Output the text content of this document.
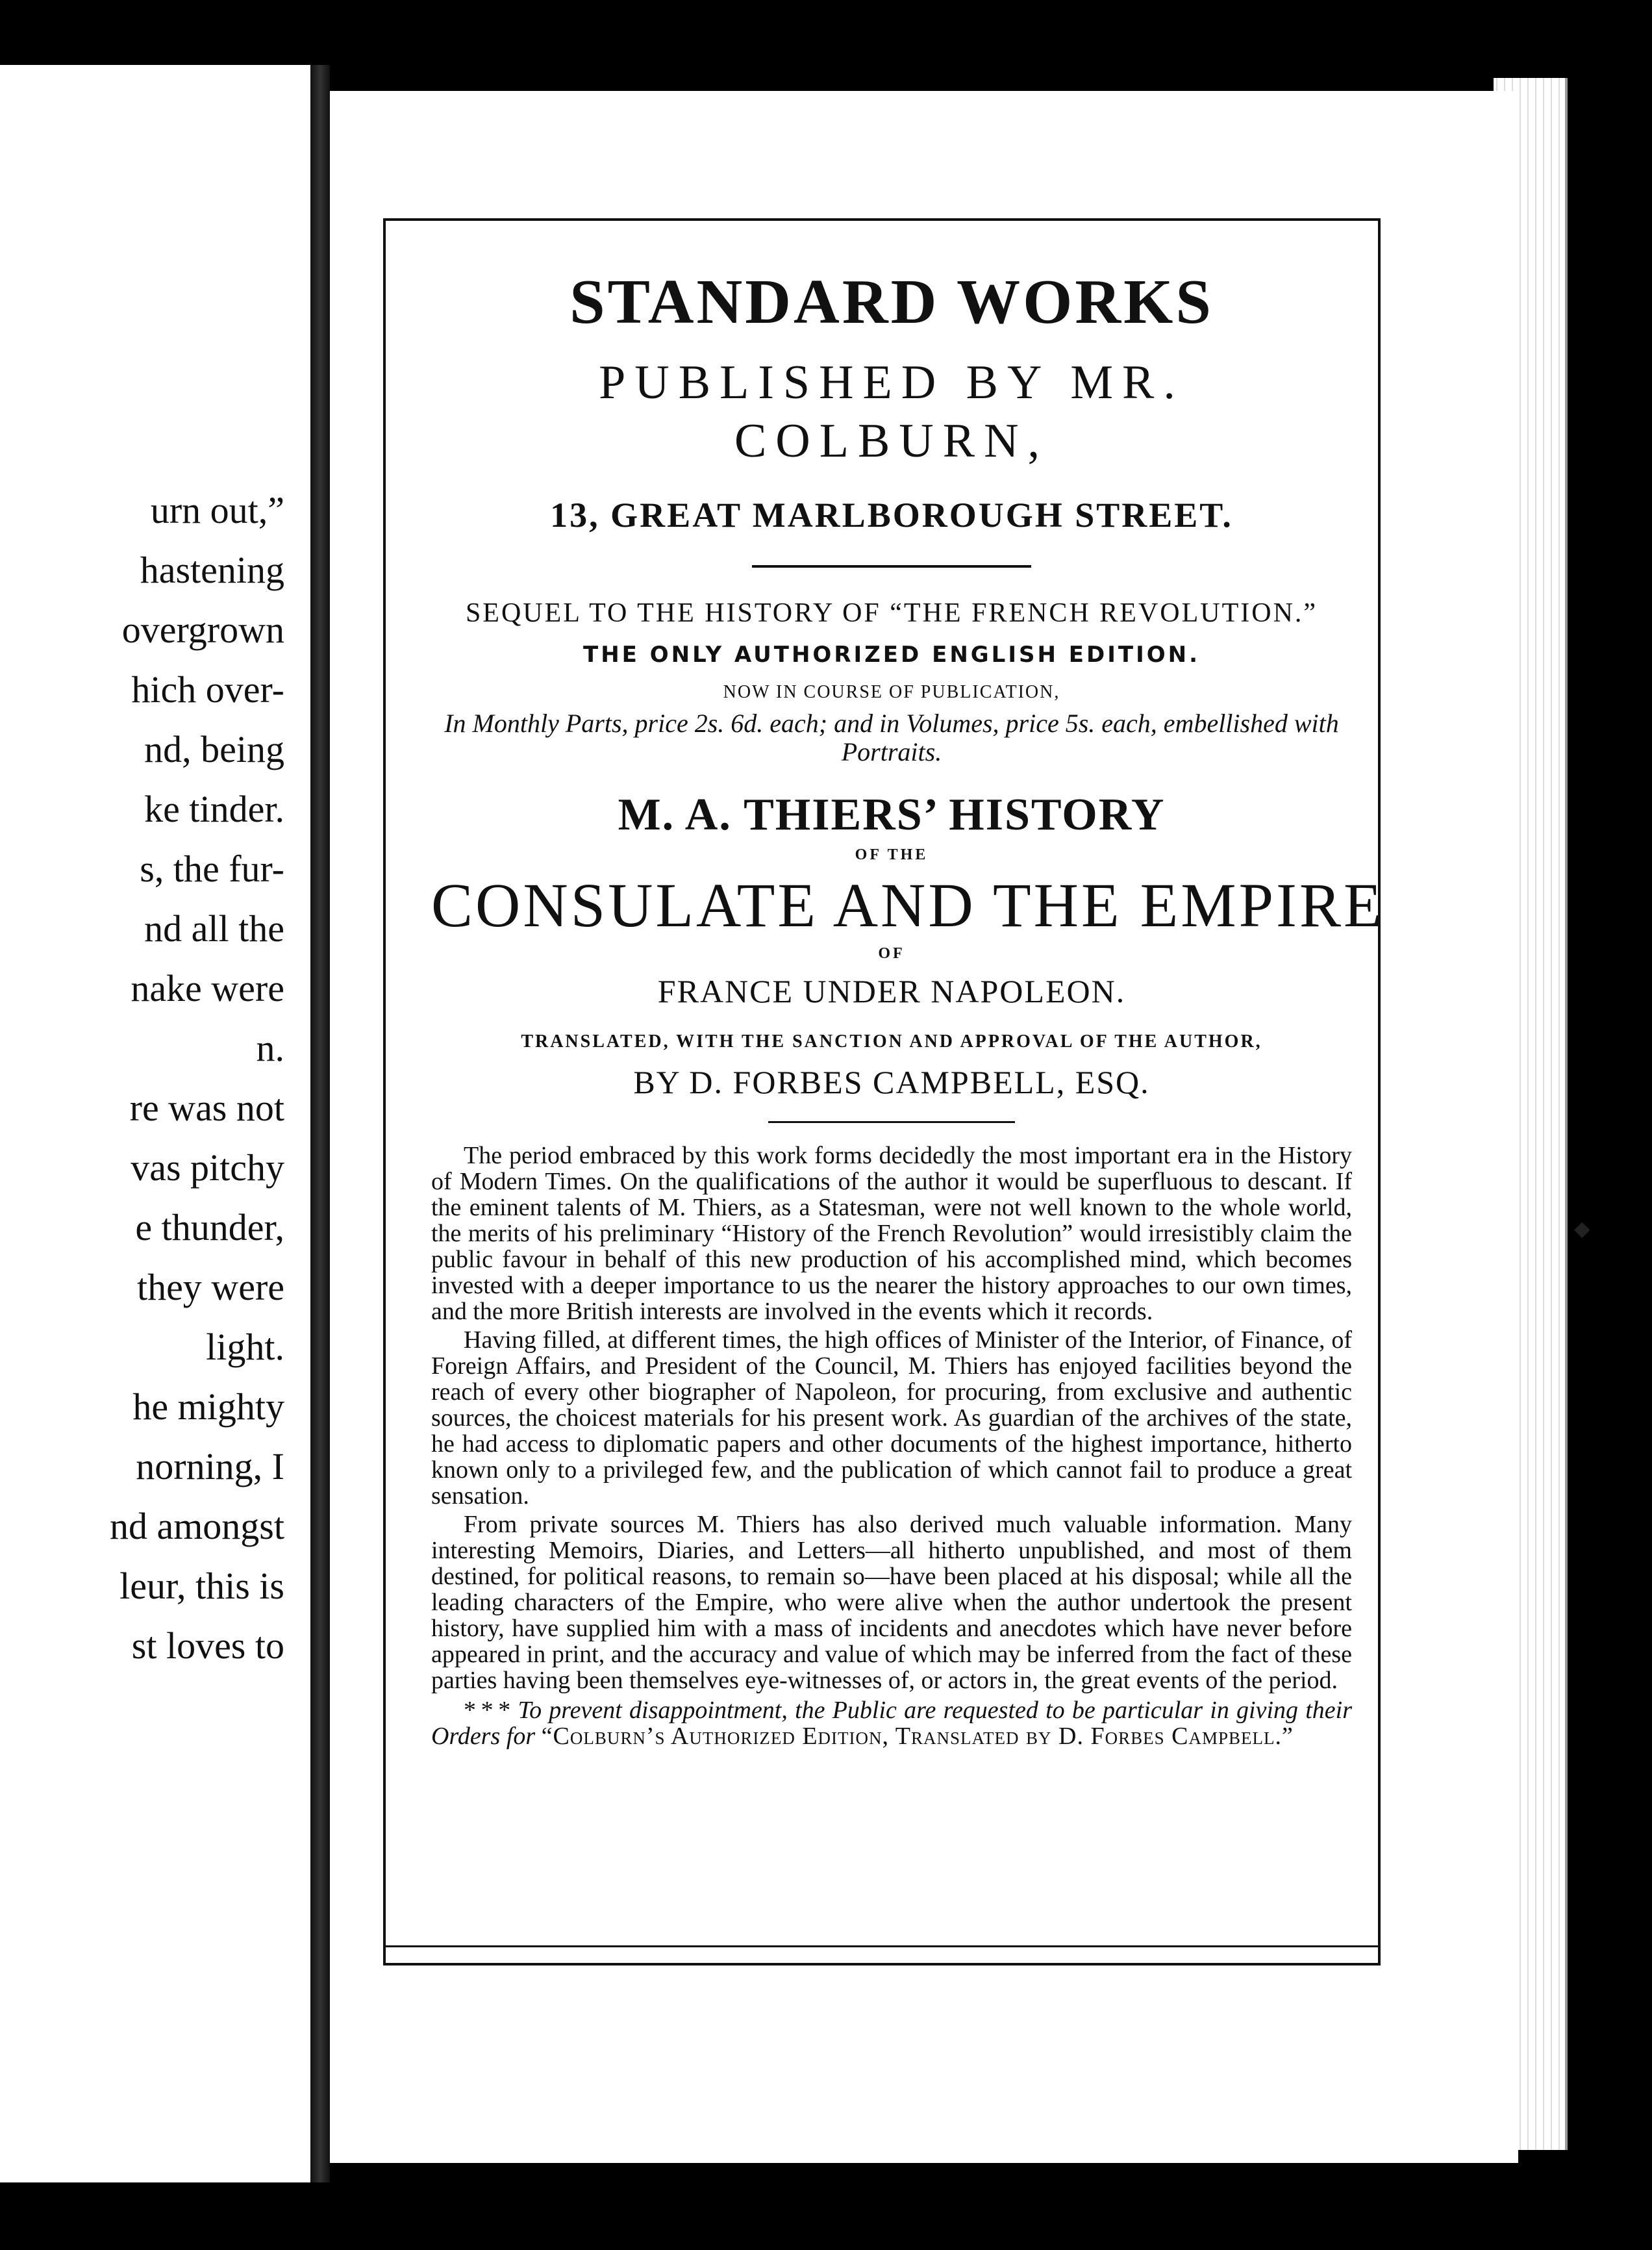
urn out,”
hastening
overgrown
hich over-
nd, being
ke tinder.
s, the fur-
nd all the
nake were
n.
re was not
vas pitchy
e thunder,
they were
light.
he mighty
norning, I
nd amongst
leur, this is
st loves to
STANDARD WORKS
PUBLISHED BY MR. COLBURN,
13, GREAT MARLBOROUGH STREET.
SEQUEL TO THE HISTORY OF “THE FRENCH REVOLUTION.”
THE ONLY AUTHORIZED ENGLISH EDITION.
NOW IN COURSE OF PUBLICATION,
In Monthly Parts, price 2s. 6d. each; and in Volumes, price 5s. each, embellished with Portraits.
M. A. THIERS’ HISTORY
OF THE
CONSULATE AND THE EMPIRE
OF
FRANCE UNDER NAPOLEON.
TRANSLATED, WITH THE SANCTION AND APPROVAL OF THE AUTHOR,
BY D. FORBES CAMPBELL, ESQ.

The period embraced by this work forms decidedly the most important era in the History of Modern Times. On the qualifications of the author it would be superfluous to descant. If the eminent talents of M. Thiers, as a Statesman, were not well known to the whole world, the merits of his preliminary “History of the French Revolution” would irresistibly claim the public favour in behalf of this new production of his accomplished mind, which becomes invested with a deeper importance to us the nearer the history approaches to our own times, and the more British interests are involved in the events which it records.

Having filled, at different times, the high offices of Minister of the Interior, of Finance, of Foreign Affairs, and President of the Council, M. Thiers has enjoyed facilities beyond the reach of every other biographer of Napoleon, for procuring, from exclusive and authentic sources, the choicest materials for his present work. As guardian of the archives of the state, he had access to diplomatic papers and other documents of the highest importance, hitherto known only to a privileged few, and the publication of which cannot fail to produce a great sensation.

From private sources M. Thiers has also derived much valuable information. Many interesting Memoirs, Diaries, and Letters—all hitherto unpublished, and most of them destined, for political reasons, to remain so—have been placed at his disposal; while all the leading characters of the Empire, who were alive when the author undertook the present history, have supplied him with a mass of incidents and anecdotes which have never before appeared in print, and the accuracy and value of which may be inferred from the fact of these parties having been themselves eye-witnesses of, or actors in, the great events of the period.

* * * To prevent disappointment, the Public are requested to be particular in giving their Orders for “Colburn’s Authorized Edition, Translated by D. Forbes Campbell.”
◆
